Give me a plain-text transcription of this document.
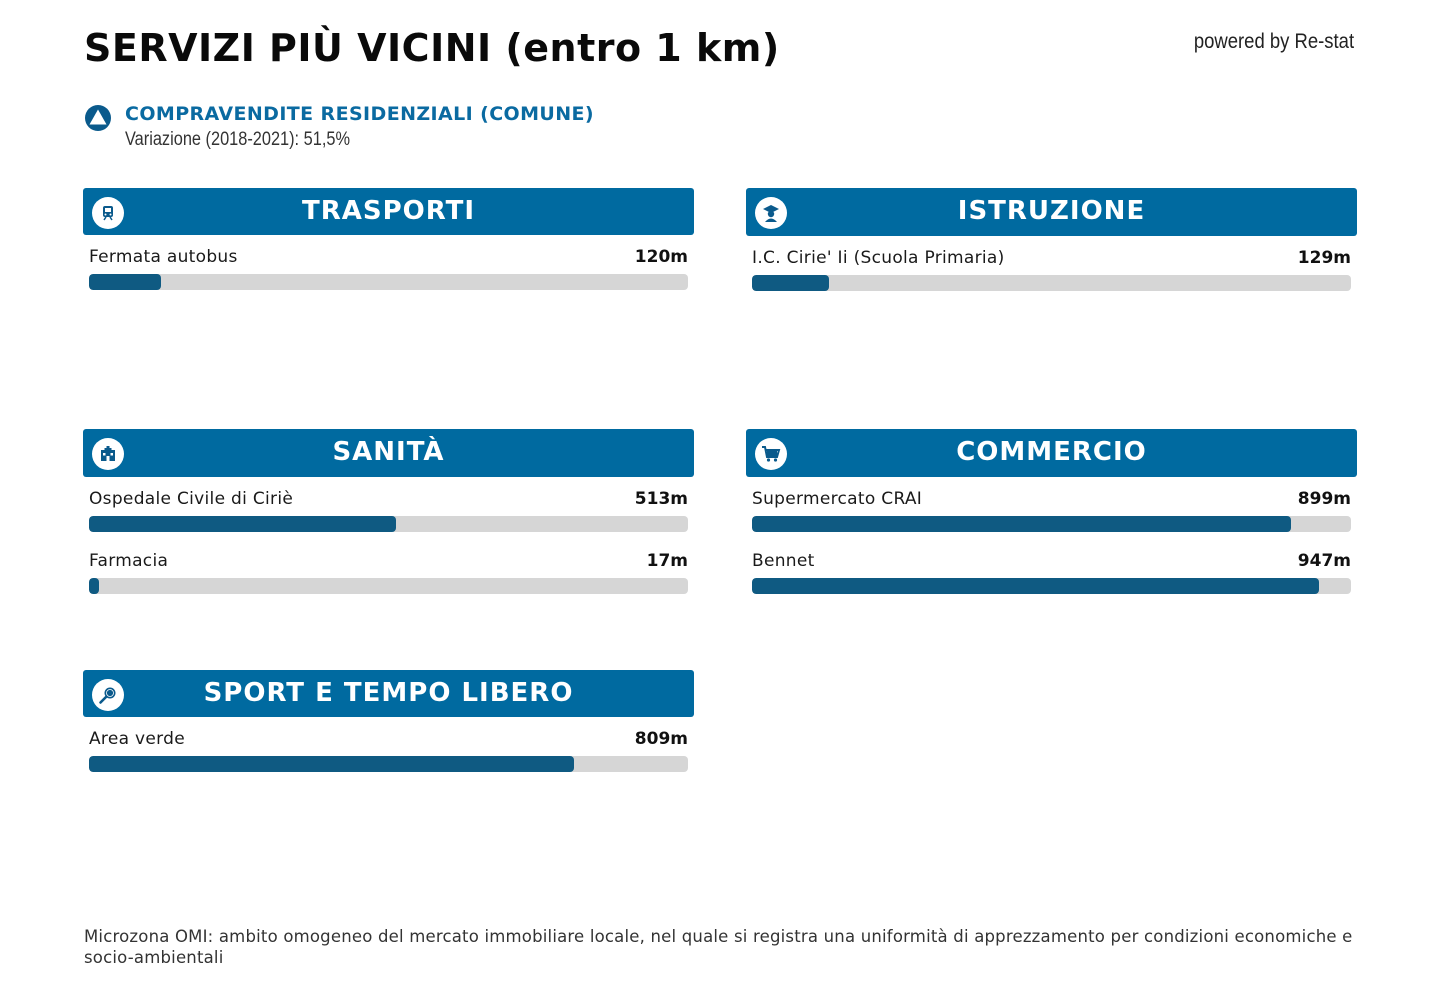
SERVIZI PIÙ VICINI (entro 1 km)	powered by Re-stat
COMPRAVENDITE RESIDENZIALI (COMUNE)
Variazione (2018-2021): 51,5%
TRASPORTI
Fermata autobus	120m
ISTRUZIONE
I.C. Cirie' Ii (Scuola Primaria)	129m
SANITÀ
Ospedale Civile di Ciriè	513m
Farmacia	17m
COMMERCIO
Supermercato CRAI	899m
Bennet	947m
SPORT E TEMPO LIBERO
Area verde	809m

Microzona OMI: ambito omogeneo del mercato immobiliare locale, nel quale si registra una uniformità di apprezzamento per condizioni economiche e socio-ambientali
